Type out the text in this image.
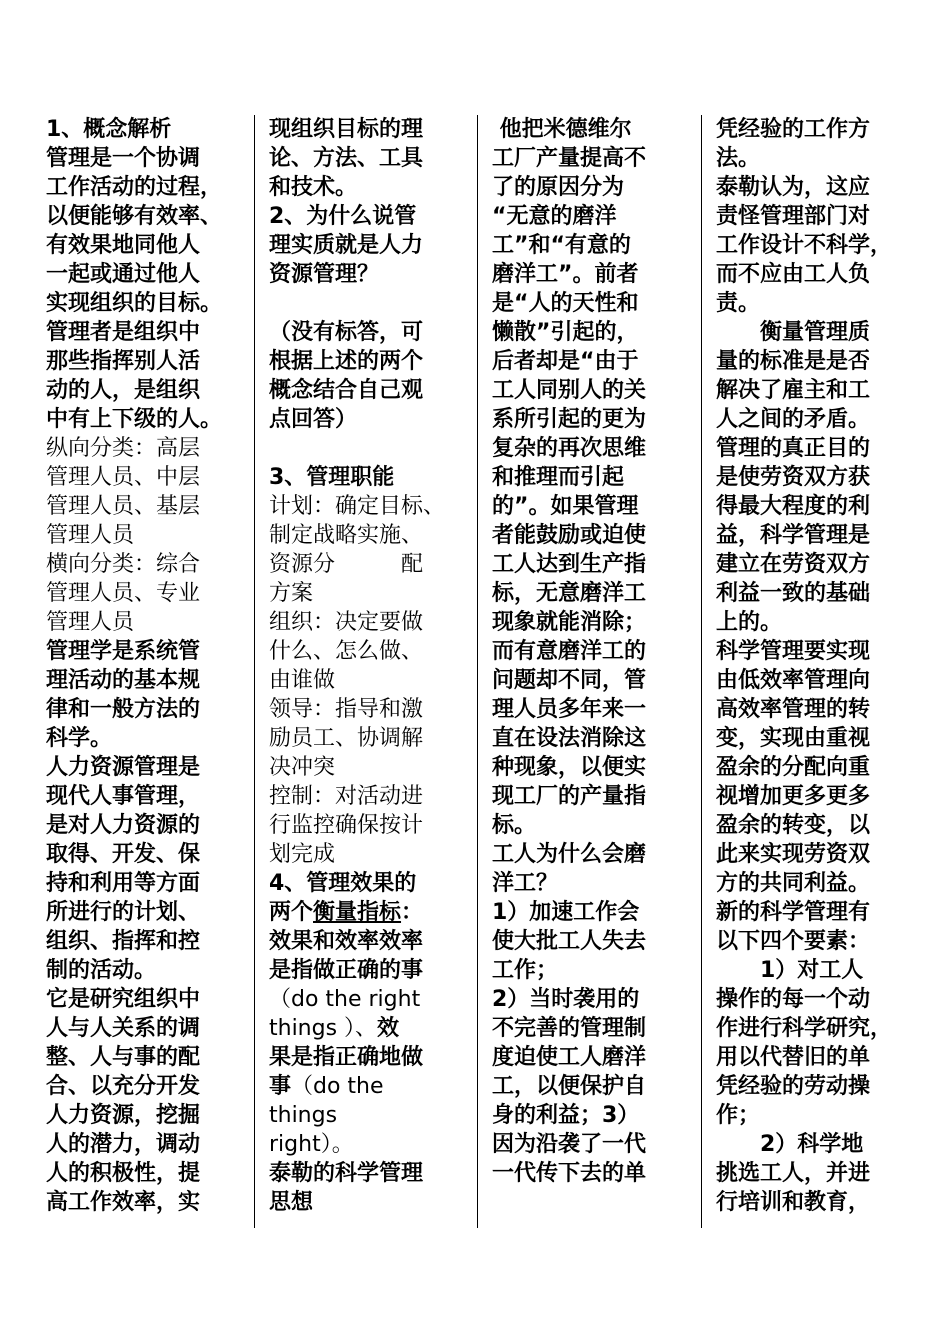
1、概念解析

管理是一个协调

工作活动的过程，

以便能够有效率、

有效果地同他人

一起或通过他人

实现组织的目标。

管理者是组织中

那些指挥别人活

动的人，是组织

中有上下级的人。

纵向分类：高层

管理人员、中层

管理人员、基层

管理人员

横向分类：综合

管理人员、专业

管理人员

管理学是系统管

理活动的基本规

律和一般方法的

科学。

人力资源管理是

现代人事管理，

是对人力资源的

取得、开发、保

持和利用等方面

所进行的计划、

组织、指挥和控

制的活动。

它是研究组织中

人与人关系的调

整、人与事的配

合、以充分开发

人力资源，挖掘

人的潜力，调动

人的积极性，提

高工作效率，实

现组织目标的理

论、方法、工具

和技术。

2、为什么说管

理实质就是人力

资源管理？

（没有标答，可

根据上述的两个

概念结合自己观

点回答）

3、管理职能

计划：确定目标、

制定战略实施、

资源分　　　配

方案

组织：决定要做

什么、怎么做、

由谁做

领导：指导和激

励员工、协调解

决冲突

控制：对活动进

行监控确保按计

划完成

4、管理效果的

两个衡量指标：

效果和效率效率

是指做正确的事

（do the right

things ）、效

果是指正确地做

事（do the

things

right）。

泰勒的科学管理

思想

他把米德维尔

工厂产量提高不

了的原因分为

“无意的磨洋

工”和“有意的

磨洋工”。前者

是“人的天性和

懒散”引起的，

后者却是“由于

工人同别人的关

系所引起的更为

复杂的再次思维

和推理而引起

的”。如果管理

者能鼓励或迫使

工人达到生产指

标，无意磨洋工

现象就能消除；

而有意磨洋工的

问题却不同，管

理人员多年来一

直在设法消除这

种现象，以便实

现工厂的产量指

标。

工人为什么会磨

洋工？

1）加速工作会

使大批工人失去

工作；

2）当时袭用的

不完善的管理制

度迫使工人磨洋

工，以便保护自

身的利益；3）

因为沿袭了一代

一代传下去的单

凭经验的工作方

法。

泰勒认为，这应

责怪管理部门对

工作设计不科学，

而不应由工人负

责。

　　衡量管理质

量的标准是是否

解决了雇主和工

人之间的矛盾。

管理的真正目的

是使劳资双方获

得最大程度的利

益，科学管理是

建立在劳资双方

利益一致的基础

上的。

科学管理要实现

由低效率管理向

高效率管理的转

变，实现由重视

盈余的分配向重

视增加更多更多

盈余的转变，以

此来实现劳资双

方的共同利益。

新的科学管理有

以下四个要素：

　　1）对工人

操作的每一个动

作进行科学研究，

用以代替旧的单

凭经验的劳动操

作；

　　2）科学地

挑选工人，并进

行培训和教育，
